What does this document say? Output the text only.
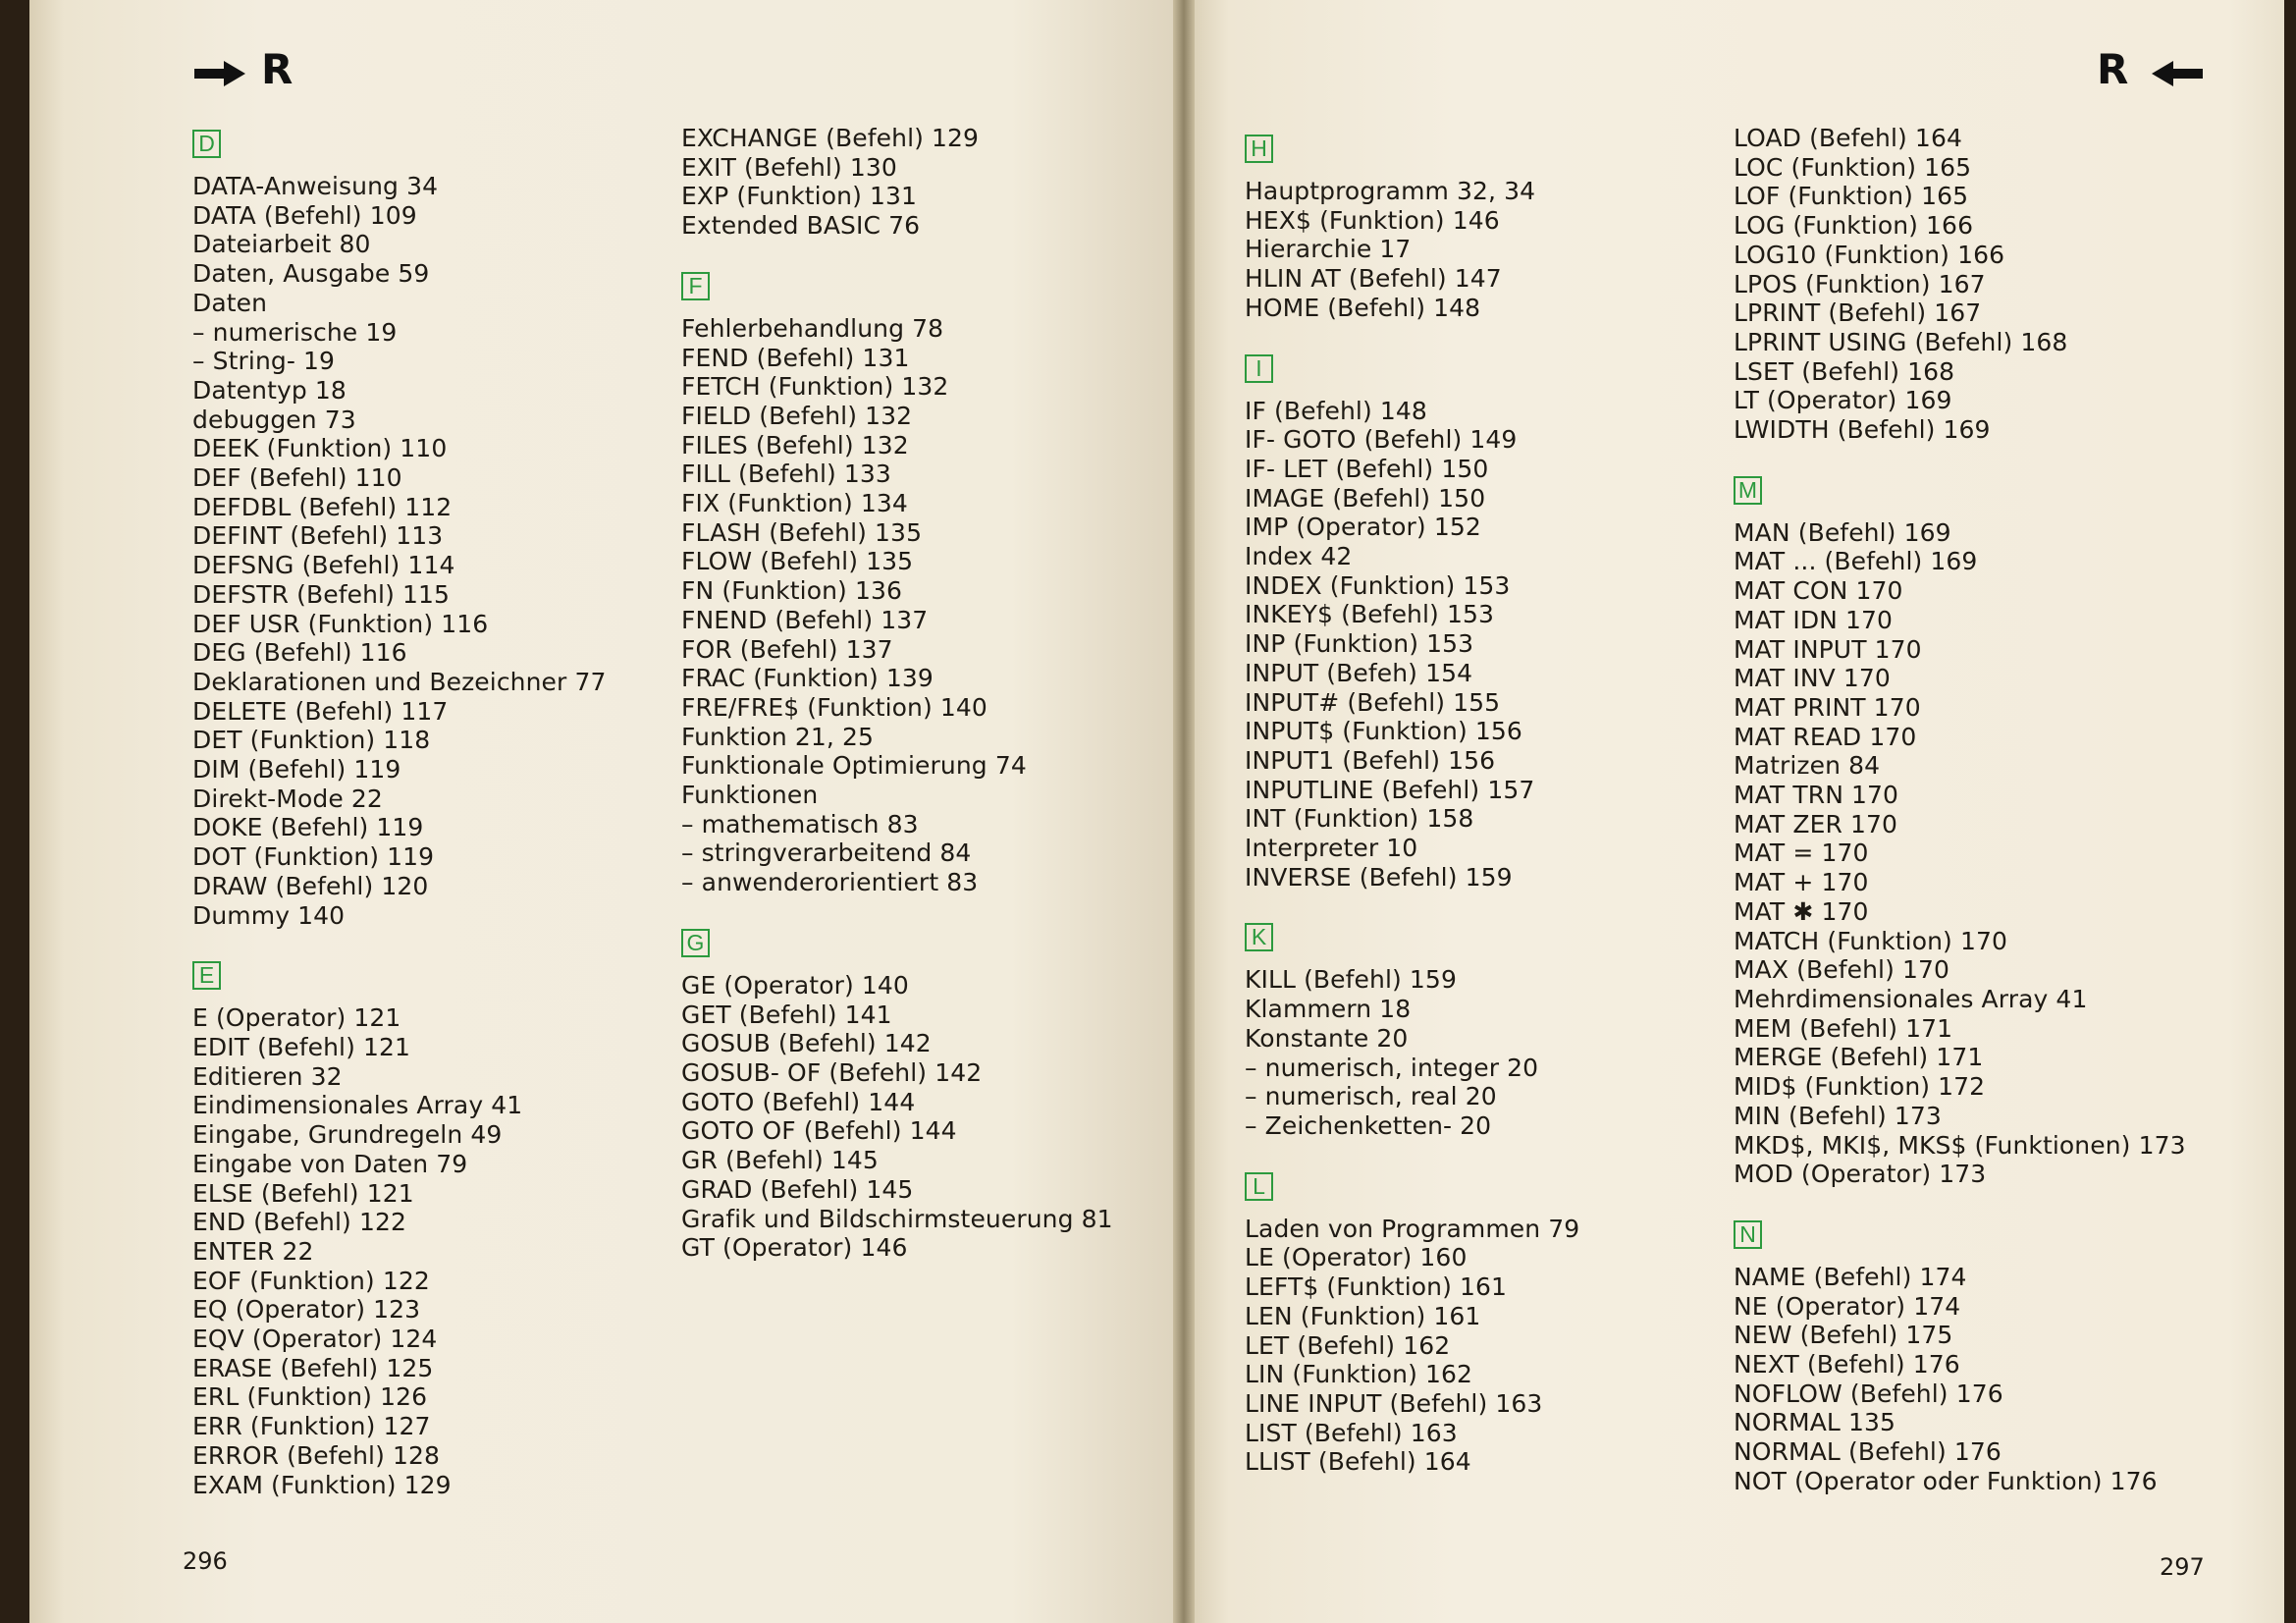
R	R
D
DATA-Anweisung 34
DATA (Befehl) 109
Dateiarbeit 80
Daten, Ausgabe 59
Daten
– numerische 19
– String- 19
Datentyp 18
debuggen 73
DEEK (Funktion) 110
DEF (Befehl) 110
DEFDBL (Befehl) 112
DEFINT (Befehl) 113
DEFSNG (Befehl) 114
DEFSTR (Befehl) 115
DEF USR (Funktion) 116
DEG (Befehl) 116
Deklarationen und Bezeichner 77
DELETE (Befehl) 117
DET (Funktion) 118
DIM (Befehl) 119
Direkt-Mode 22
DOKE (Befehl) 119
DOT (Funktion) 119
DRAW (Befehl) 120
Dummy 140
E
E (Operator) 121
EDIT (Befehl) 121
Editieren 32
Eindimensionales Array 41
Eingabe, Grundregeln 49
Eingabe von Daten 79
ELSE (Befehl) 121
END (Befehl) 122
ENTER 22
EOF (Funktion) 122
EQ (Operator) 123
EQV (Operator) 124
ERASE (Befehl) 125
ERL (Funktion) 126
ERR (Funktion) 127
ERROR (Befehl) 128
EXAM (Funktion) 129
EXCHANGE (Befehl) 129
EXIT (Befehl) 130
EXP (Funktion) 131
Extended BASIC 76
F
Fehlerbehandlung 78
FEND (Befehl) 131
FETCH (Funktion) 132
FIELD (Befehl) 132
FILES (Befehl) 132
FILL (Befehl) 133
FIX (Funktion) 134
FLASH (Befehl) 135
FLOW (Befehl) 135
FN (Funktion) 136
FNEND (Befehl) 137
FOR (Befehl) 137
FRAC (Funktion) 139
FRE/FRE$ (Funktion) 140
Funktion 21, 25
Funktionale Optimierung 74
Funktionen
– mathematisch 83
– stringverarbeitend 84
– anwenderorientiert 83
G
GE (Operator) 140
GET (Befehl) 141
GOSUB (Befehl) 142
GOSUB- OF (Befehl) 142
GOTO (Befehl) 144
GOTO OF (Befehl) 144
GR (Befehl) 145
GRAD (Befehl) 145
Grafik und Bildschirmsteuerung 81
GT (Operator) 146
H
Hauptprogramm 32, 34
HEX$ (Funktion) 146
Hierarchie 17
HLIN AT (Befehl) 147
HOME (Befehl) 148
I
IF (Befehl) 148
IF- GOTO (Befehl) 149
IF- LET (Befehl) 150
IMAGE (Befehl) 150
IMP (Operator) 152
Index 42
INDEX (Funktion) 153
INKEY$ (Befehl) 153
INP (Funktion) 153
INPUT (Befeh) 154
INPUT# (Befehl) 155
INPUT$ (Funktion) 156
INPUT1 (Befehl) 156
INPUTLINE (Befehl) 157
INT (Funktion) 158
Interpreter 10
INVERSE (Befehl) 159
K
KILL (Befehl) 159
Klammern 18
Konstante 20
– numerisch, integer 20
– numerisch, real 20
– Zeichenketten- 20
L
Laden von Programmen 79
LE (Operator) 160
LEFT$ (Funktion) 161
LEN (Funktion) 161
LET (Befehl) 162
LIN (Funktion) 162
LINE INPUT (Befehl) 163
LIST (Befehl) 163
LLIST (Befehl) 164
LOAD (Befehl) 164
LOC (Funktion) 165
LOF (Funktion) 165
LOG (Funktion) 166
LOG10 (Funktion) 166
LPOS (Funktion) 167
LPRINT (Befehl) 167
LPRINT USING (Befehl) 168
LSET (Befehl) 168
LT (Operator) 169
LWIDTH (Befehl) 169
M
MAN (Befehl) 169
MAT ... (Befehl) 169
MAT CON 170
MAT IDN 170
MAT INPUT 170
MAT INV 170
MAT PRINT 170
MAT READ 170
Matrizen 84
MAT TRN 170
MAT ZER 170
MAT = 170
MAT + 170
MAT ✱ 170
MATCH (Funktion) 170
MAX (Befehl) 170
Mehrdimensionales Array 41
MEM (Befehl) 171
MERGE (Befehl) 171
MID$ (Funktion) 172
MIN (Befehl) 173
MKD$, MKI$, MKS$ (Funktionen) 173
MOD (Operator) 173
N
NAME (Befehl) 174
NE (Operator) 174
NEW (Befehl) 175
NEXT (Befehl) 176
NOFLOW (Befehl) 176
NORMAL 135
NORMAL (Befehl) 176
NOT (Operator oder Funktion) 176
296	297
